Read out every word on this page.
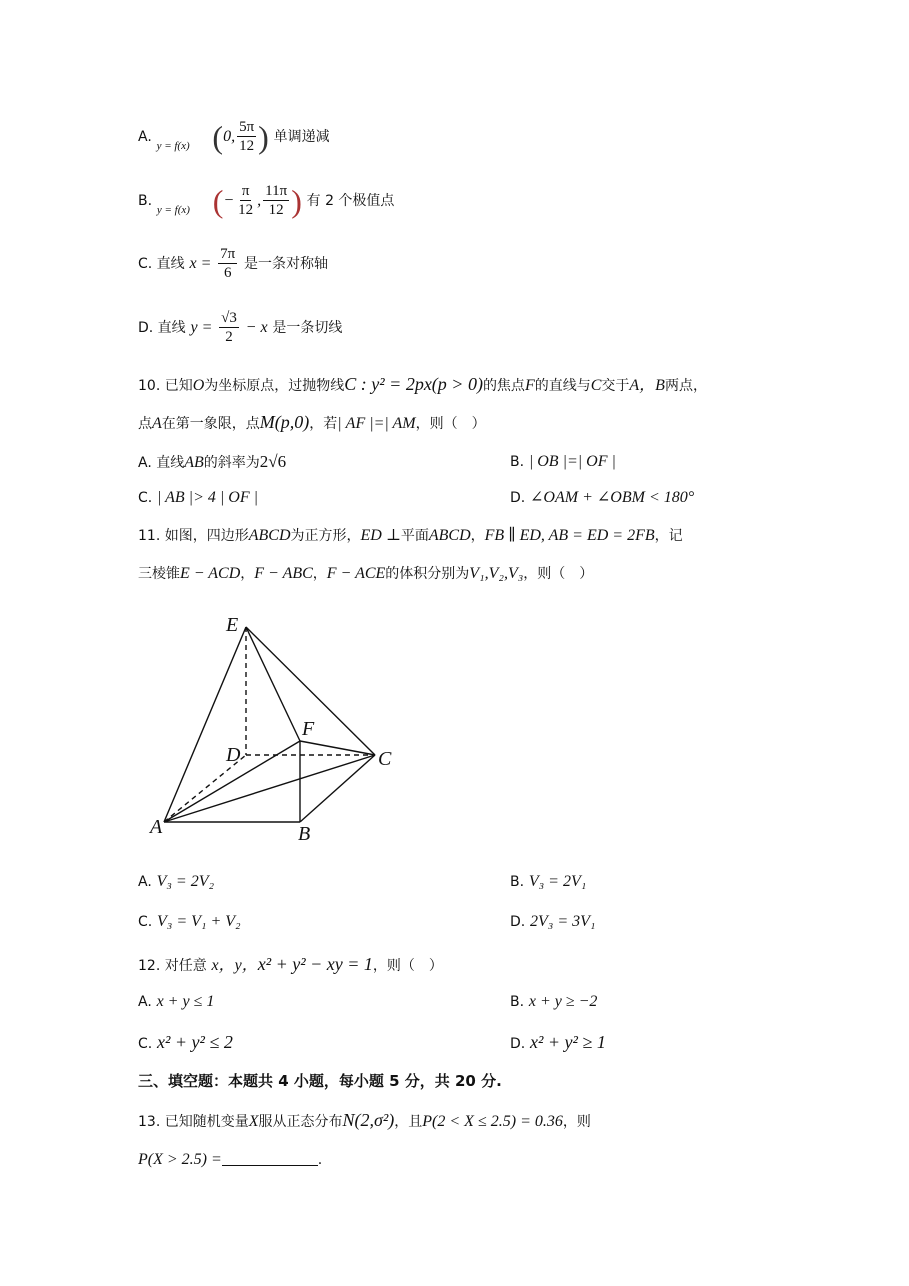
A. $_{y = f(x)}$ (0, $\frac{5\pi}{12}$ ) 单调递减
B. $_{y = f(x)}$ (− $\frac{\pi}{12}$ , $\frac{11\pi}{12}$ ) 有 2 个极值点
C. 直线 $x = \frac{7\pi}{6}$ 是一条对称轴
D. 直线 $y = \frac{√3}{2} - x$ 是一条切线
10. 已知O为坐标原点，过抛物线C : y² = 2px(p > 0)的焦点F的直线与C交于A，B两点，
点A在第一象限，点M(p,0)，若| AF |=| AM，则（　）
A. 直线AB的斜率为2√6	B. | OB |=| OF |
C. | AB |> 4 | OF |	D. ∠OAM + ∠OBM < 180°
11. 如图，四边形ABCD为正方形，ED ⊥平面ABCD，FB ∥ ED, AB = ED = 2FB，记
三棱锥E − ACD，F − ABC，F − ACE的体积分别为V₁,V₂,V₃，则（　）
E
F
D	C
A	B
A. V₃ = 2V₂	B. V₃ = 2V₁
C. V₃ = V₁ + V₂	D. 2V₃ = 3V₁
12. 对任意 x，y，x² + y² − xy = 1，则（　）
A. x + y ≤ 1	B. x + y ≥ −2
C. x² + y² ≤ 2	D. x² + y² ≥ 1
三、填空题：本题共 4 小题，每小题 5 分，共 20 分.
13. 已知随机变量X服从正态分布N(2,σ²)，且P(2 < X ≤ 2.5) = 0.36，则
P(X > 2.5) =	.
